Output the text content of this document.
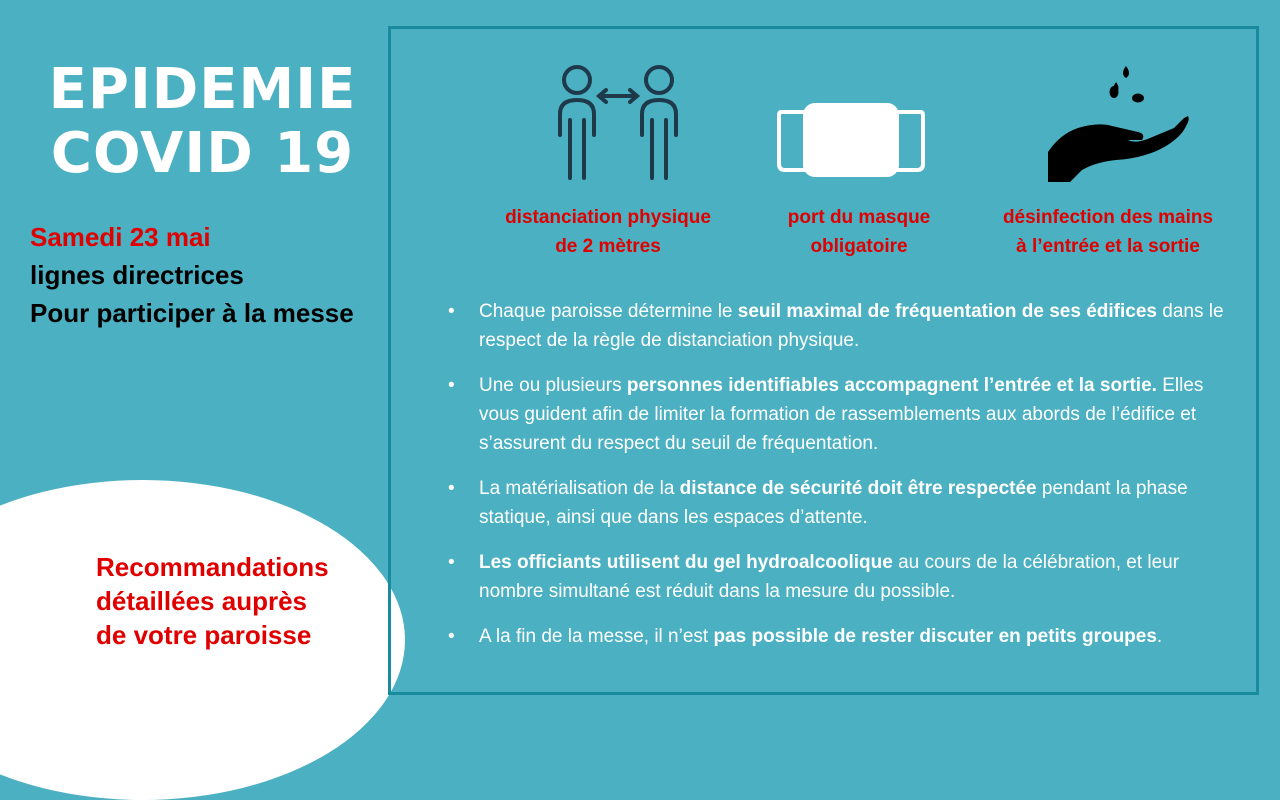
EPIDEMIE
COVID 19
Samedi 23 mai
lignes directrices
Pour participer à la messe
Recommandations
détaillées auprès
de votre paroisse
distanciation physique
de 2 mètres
port du masque
obligatoire
désinfection des mains
à l’entrée et la sortie
• Chaque paroisse détermine le seuil maximal de fréquentation de ses édifices dans le respect de la règle de distanciation physique.
• Une ou plusieurs personnes identifiables accompagnent l’entrée et la sortie. Elles vous guident afin de limiter la formation de rassemblements aux abords de l’édifice et s’assurent du respect du seuil de fréquentation.
• La matérialisation de la distance de sécurité doit être respectée pendant la phase statique, ainsi que dans les espaces d’attente.
• Les officiants utilisent du gel hydroalcoolique au cours de la célébration, et leur nombre simultané est réduit dans la mesure du possible.
• A la fin de la messe, il n’est pas possible de rester discuter en petits groupes.
